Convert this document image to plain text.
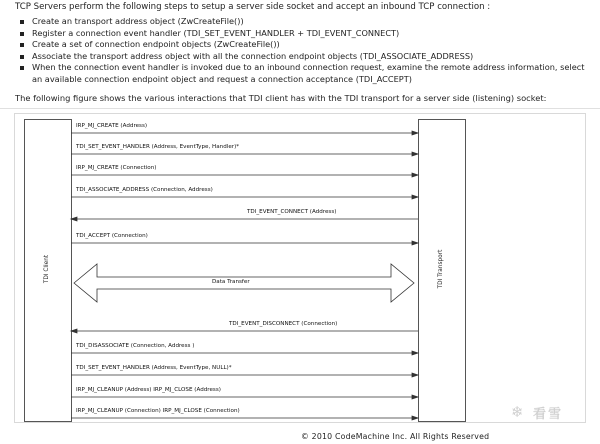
TCP Servers perform the following steps to setup a server side socket and accept an inbound TCP connection :
Create an transport address object (ZwCreateFile())
Register a connection event handler (TDI_SET_EVENT_HANDLER + TDI_EVENT_CONNECT)
Create a set of connection endpoint objects (ZwCreateFile())
Associate the transport address object with all the connection endpoint objects (TDI_ASSOCIATE_ADDRESS)
When the connection event handler is invoked due to an inbound connection request, examine the remote address information, select an available connection endpoint object and request a connection acceptance (TDI_ACCEPT)
The following figure shows the various interactions that TDI client has with the TDI transport for a server side (listening) socket:
TDI Client	TDI Transport
IRP_MJ_CREATE (Address)
TDI_SET_EVENT_HANDLER (Address, EventType, Handler)*
IRP_MJ_CREATE (Connection)
TDI_ASSOCIATE_ADDRESS (Connection, Address)
TDI_EVENT_CONNECT (Address)
TDI_ACCEPT (Connection)
Data Transfer
TDI_EVENT_DISCONNECT (Connection)
TDI_DISASSOCIATE (Connection, Address )
TDI_SET_EVENT_HANDLER (Address, EventType, NULL)*
IRP_MJ_CLEANUP (Address) IRP_MJ_CLOSE (Address)
IRP_MJ_CLEANUP (Connection) IRP_MJ_CLOSE (Connection)	❄ 看雪
© 2010 CodeMachine Inc. All Rights Reserved
